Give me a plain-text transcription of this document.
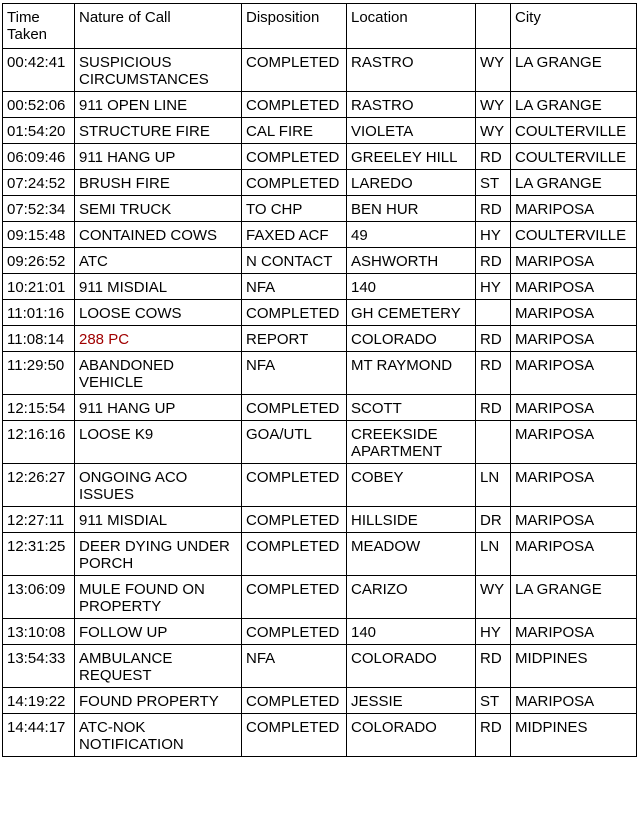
Time Taken	Nature of Call	Disposition	Location		City
00:42:41	SUSPICIOUS CIRCUMSTANCES	COMPLETED	RASTRO	WY	LA GRANGE
00:52:06	911 OPEN LINE	COMPLETED	RASTRO	WY	LA GRANGE
01:54:20	STRUCTURE FIRE	CAL FIRE	VIOLETA	WY	COULTERVILLE
06:09:46	911 HANG UP	COMPLETED	GREELEY HILL	RD	COULTERVILLE
07:24:52	BRUSH FIRE	COMPLETED	LAREDO	ST	LA GRANGE
07:52:34	SEMI TRUCK	TO CHP	BEN HUR	RD	MARIPOSA
09:15:48	CONTAINED COWS	FAXED ACF	49	HY	COULTERVILLE
09:26:52	ATC	N CONTACT	ASHWORTH	RD	MARIPOSA
10:21:01	911 MISDIAL	NFA	140	HY	MARIPOSA
11:01:16	LOOSE COWS	COMPLETED	GH CEMETERY		MARIPOSA
11:08:14	288 PC	REPORT	COLORADO	RD	MARIPOSA
11:29:50	ABANDONED VEHICLE	NFA	MT RAYMOND	RD	MARIPOSA
12:15:54	911 HANG UP	COMPLETED	SCOTT	RD	MARIPOSA
12:16:16	LOOSE K9	GOA/UTL	CREEKSIDE APARTMENT		MARIPOSA
12:26:27	ONGOING ACO ISSUES	COMPLETED	COBEY	LN	MARIPOSA
12:27:11	911 MISDIAL	COMPLETED	HILLSIDE	DR	MARIPOSA
12:31:25	DEER DYING UNDER PORCH	COMPLETED	MEADOW	LN	MARIPOSA
13:06:09	MULE FOUND ON PROPERTY	COMPLETED	CARIZO	WY	LA GRANGE
13:10:08	FOLLOW UP	COMPLETED	140	HY	MARIPOSA
13:54:33	AMBULANCE REQUEST	NFA	COLORADO	RD	MIDPINES
14:19:22	FOUND PROPERTY	COMPLETED	JESSIE	ST	MARIPOSA
14:44:17	ATC-NOK NOTIFICATION	COMPLETED	COLORADO	RD	MIDPINES
